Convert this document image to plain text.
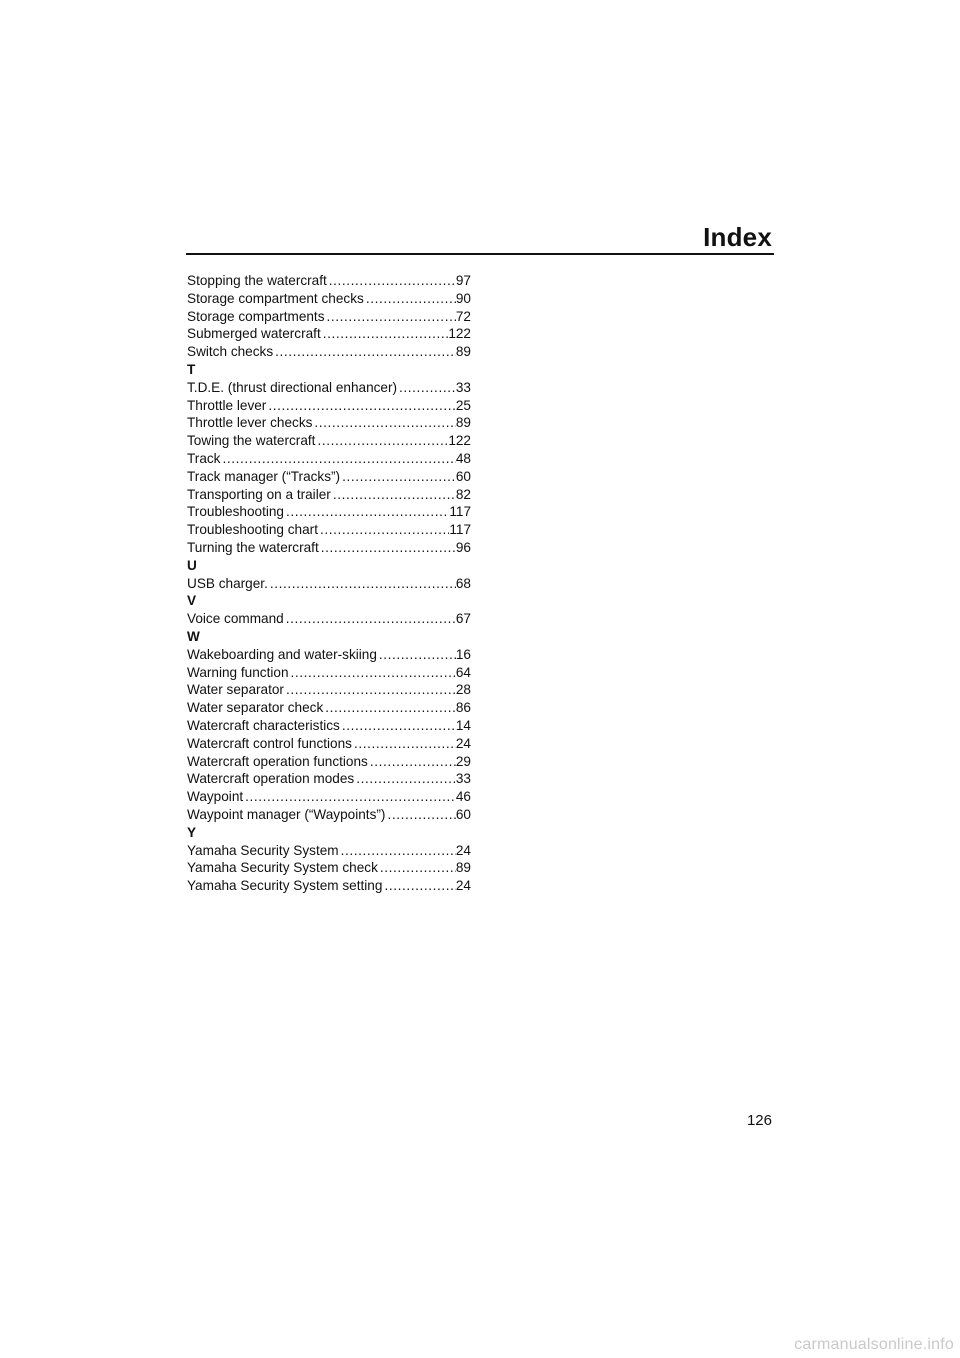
Index
Stopping the watercraft .....	97
Storage compartment checks .....	90
Storage compartments .....	72
Submerged watercraft .....	122
Switch checks .....	89
T
T.D.E. (thrust directional enhancer) .....	33
Throttle lever .....	25
Throttle lever checks .....	89
Towing the watercraft .....	122
Track .....	48
Track manager (“Tracks”) .....	60
Transporting on a trailer .....	82
Troubleshooting .....	117
Troubleshooting chart .....	117
Turning the watercraft .....	96
U
USB charger. .....	68
V
Voice command .....	67
W
Wakeboarding and water-skiing .....	16
Warning function .....	64
Water separator .....	28
Water separator check .....	86
Watercraft characteristics .....	14
Watercraft control functions .....	24
Watercraft operation functions .....	29
Watercraft operation modes .....	33
Waypoint .....	46
Waypoint manager (“Waypoints”) .....	60
Y
Yamaha Security System .....	24
Yamaha Security System check .....	89
Yamaha Security System setting .....	24
126
carmanualsonline.info
